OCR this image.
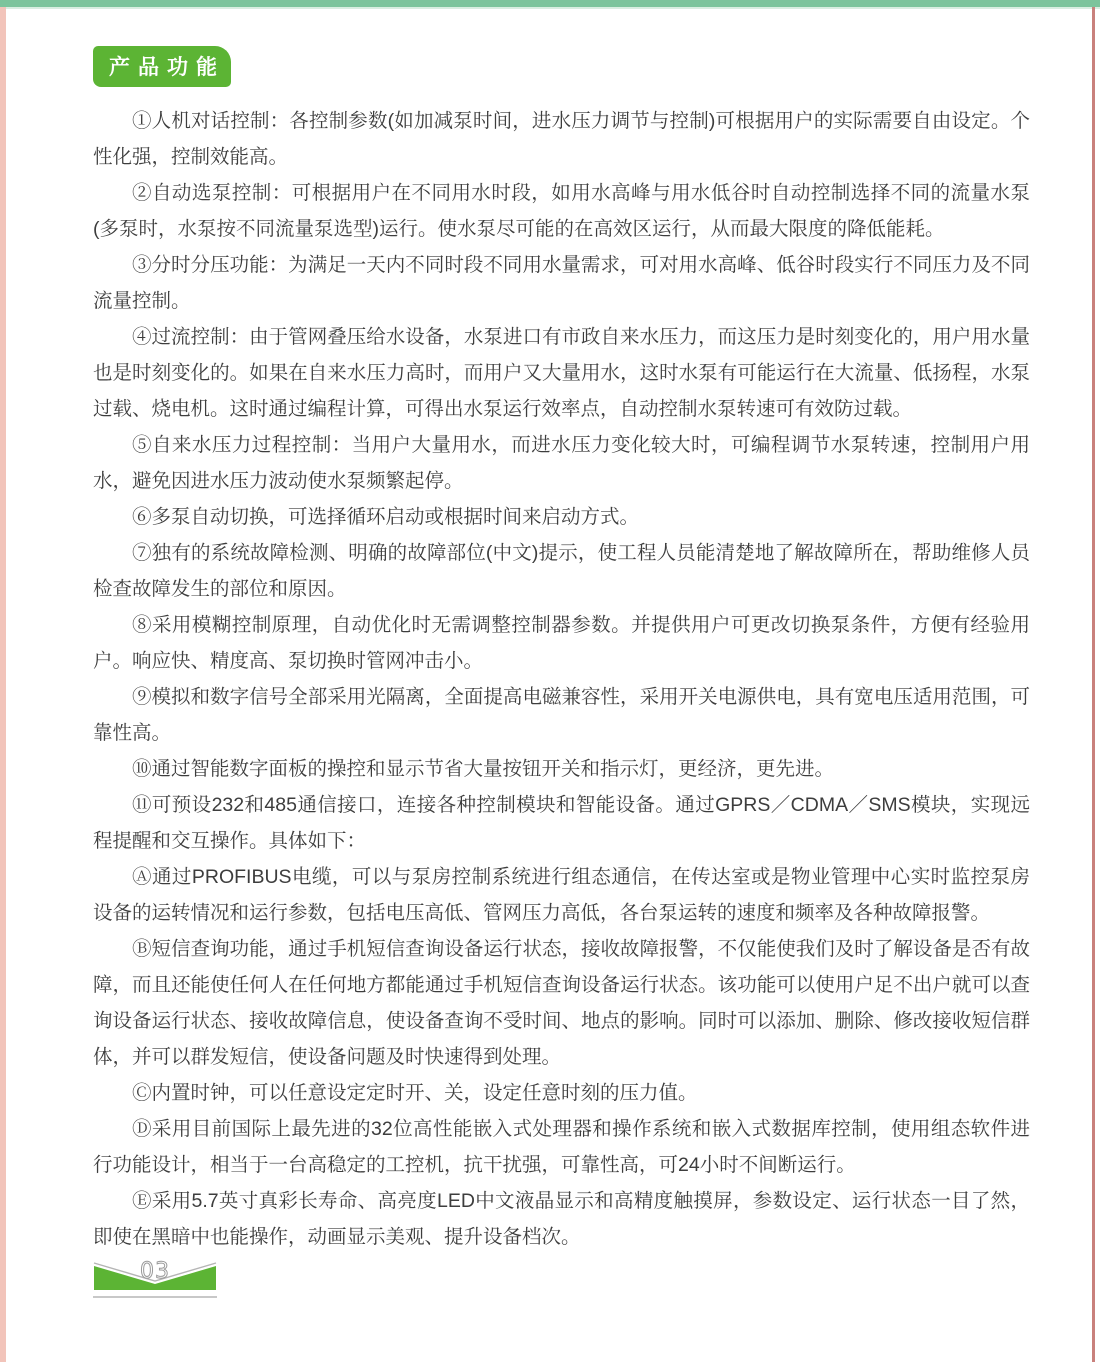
产品功能

①人机对话控制：各控制参数(如加减泵时间，进水压力调节与控制)可根据用户的实际需要自由设定。个性化强，控制效能高。

②自动选泵控制：可根据用户在不同用水时段，如用水高峰与用水低谷时自动控制选择不同的流量水泵(多泵时，水泵按不同流量泵选型)运行。使水泵尽可能的在高效区运行，从而最大限度的降低能耗。

③分时分压功能：为满足一天内不同时段不同用水量需求，可对用水高峰、低谷时段实行不同压力及不同流量控制。

④过流控制：由于管网叠压给水设备，水泵进口有市政自来水压力，而这压力是时刻变化的，用户用水量也是时刻变化的。如果在自来水压力高时，而用户又大量用水，这时水泵有可能运行在大流量、低扬程，水泵过载、烧电机。这时通过编程计算，可得出水泵运行效率点，自动控制水泵转速可有效防过载。

⑤自来水压力过程控制：当用户大量用水，而进水压力变化较大时，可编程调节水泵转速，控制用户用水，避免因进水压力波动使水泵频繁起停。

⑥多泵自动切换，可选择循环启动或根据时间来启动方式。

⑦独有的系统故障检测、明确的故障部位(中文)提示，使工程人员能清楚地了解故障所在，帮助维修人员检查故障发生的部位和原因。

⑧采用模糊控制原理，自动优化时无需调整控制器参数。并提供用户可更改切换泵条件，方便有经验用户。响应快、精度高、泵切换时管网冲击小。

⑨模拟和数字信号全部采用光隔离，全面提高电磁兼容性，采用开关电源供电，具有宽电压适用范围，可靠性高。

⑩通过智能数字面板的操控和显示节省大量按钮开关和指示灯，更经济，更先进。

⑪可预设232和485通信接口，连接各种控制模块和智能设备。通过GPRS／CDMA／SMS模块，实现远程提醒和交互操作。具体如下：

Ⓐ通过PROFIBUS电缆，可以与泵房控制系统进行组态通信，在传达室或是物业管理中心实时监控泵房设备的运转情况和运行参数，包括电压高低、管网压力高低，各台泵运转的速度和频率及各种故障报警。

Ⓑ短信查询功能，通过手机短信查询设备运行状态，接收故障报警，不仅能使我们及时了解设备是否有故障，而且还能使任何人在任何地方都能通过手机短信查询设备运行状态。该功能可以使用户足不出户就可以查询设备运行状态、接收故障信息，使设备查询不受时间、地点的影响。同时可以添加、删除、修改接收短信群体，并可以群发短信，使设备问题及时快速得到处理。

Ⓒ内置时钟，可以任意设定定时开、关，设定任意时刻的压力值。

Ⓓ采用目前国际上最先进的32位高性能嵌入式处理器和操作系统和嵌入式数据库控制，使用组态软件进行功能设计，相当于一台高稳定的工控机，抗干扰强，可靠性高，可24小时不间断运行。

Ⓔ采用5.7英寸真彩长寿命、高亮度LED中文液晶显示和高精度触摸屏，参数设定、运行状态一目了然，即使在黑暗中也能操作，动画显示美观、提升设备档次。

03
